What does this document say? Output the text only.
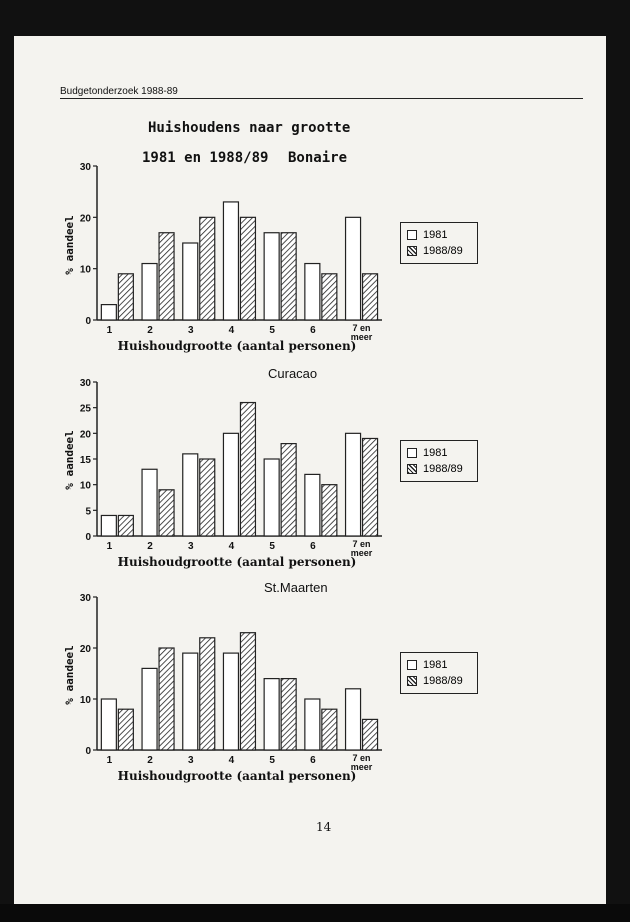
Budgetonderzoek 1988-89
Huishoudens naar grootte
1981 en 1988/89 Bonaire
Curacao
St.Maarten
0
10
20
30
% aandeel
1	2	3	4	5	6	7 en meer
Huishoudgrootte (aantal personen)
0
5
10
15
20
25
30
% aandeel
1	2	3	4	5	6	7 en meer
Huishoudgrootte (aantal personen)
0
10
20
30
% aandeel
1	2	3	4	5	6	7 en meer
Huishoudgrootte (aantal personen)
1981
1988/89
1981
1988/89
1981
1988/89
14
